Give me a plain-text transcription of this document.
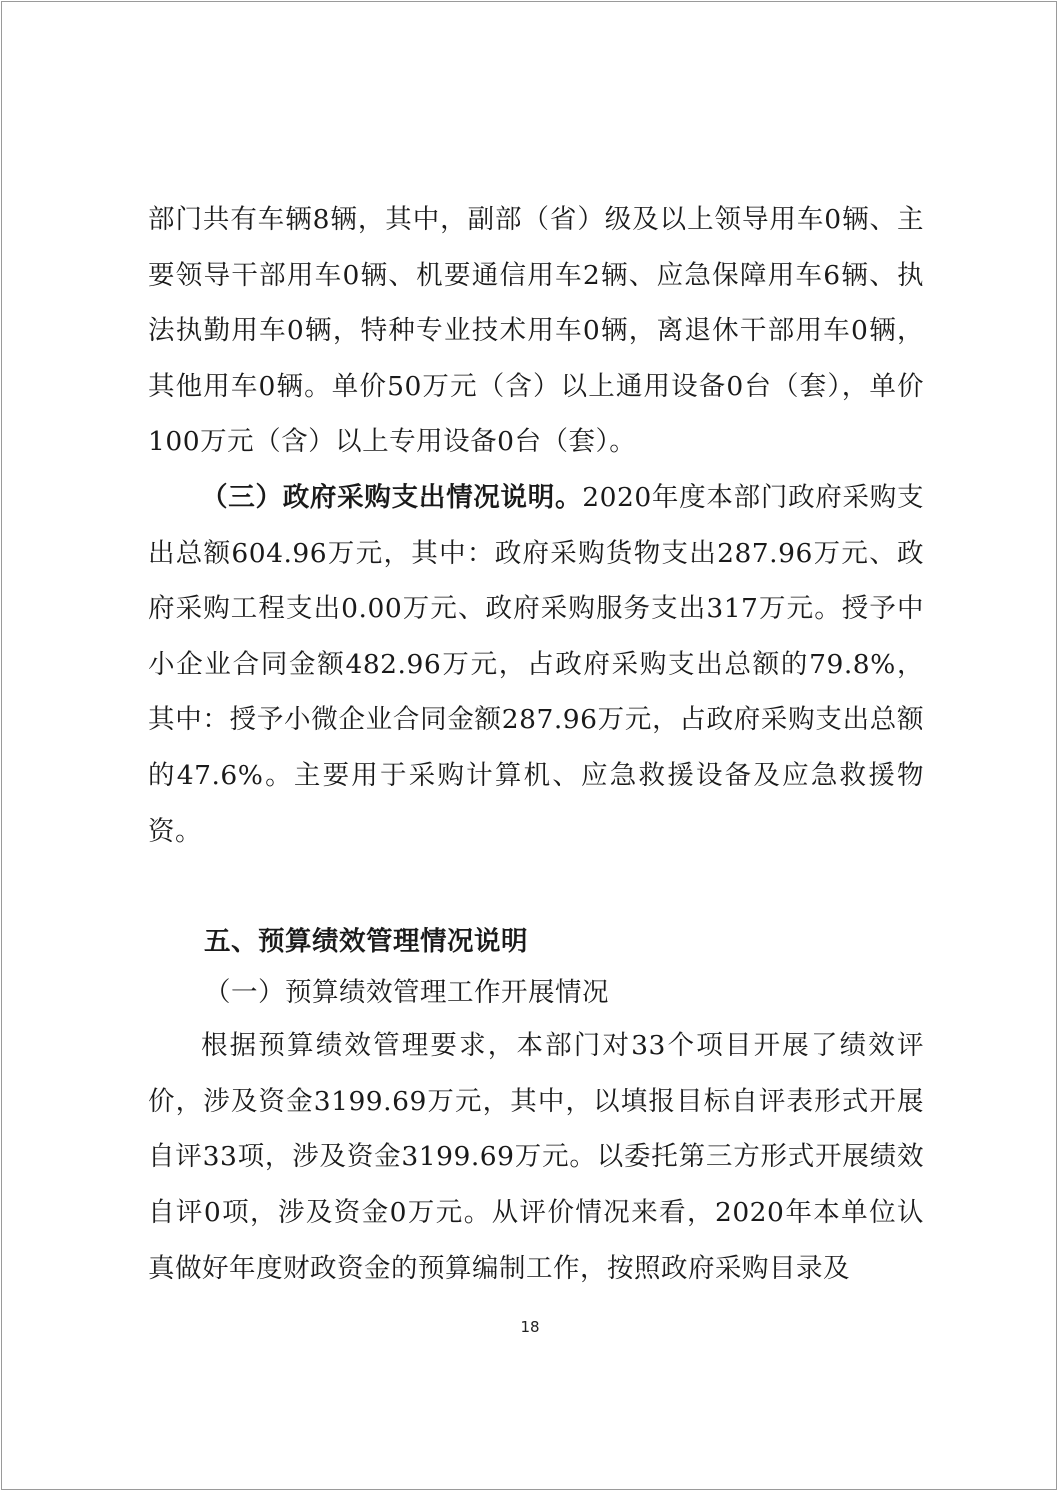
部门共有车辆8辆，其中，副部（省）级及以上领导用车0辆、主要领导干部用车0辆、机要通信用车2辆、应急保障用车6辆、执法执勤用车0辆，特种专业技术用车0辆，离退休干部用车0辆，其他用车0辆。单价50万元（含）以上通用设备0台（套），单价100万元（含）以上专用设备0台（套）。

（三）政府采购支出情况说明。2020年度本部门政府采购支出总额604.96万元，其中：政府采购货物支出287.96万元、政府采购工程支出0.00万元、政府采购服务支出317万元。授予中小企业合同金额482.96万元，占政府采购支出总额的79.8%，其中：授予小微企业合同金额287.96万元，占政府采购支出总额的47.6%。主要用于采购计算机、应急救援设备及应急救援物资。

五、预算绩效管理情况说明

（一）预算绩效管理工作开展情况

根据预算绩效管理要求，本部门对33个项目开展了绩效评价，涉及资金3199.69万元，其中，以填报目标自评表形式开展自评33项，涉及资金3199.69万元。以委托第三方形式开展绩效自评0项，涉及资金0万元。从评价情况来看，2020年本单位认真做好年度财政资金的预算编制工作，按照政府采购目录及

18
